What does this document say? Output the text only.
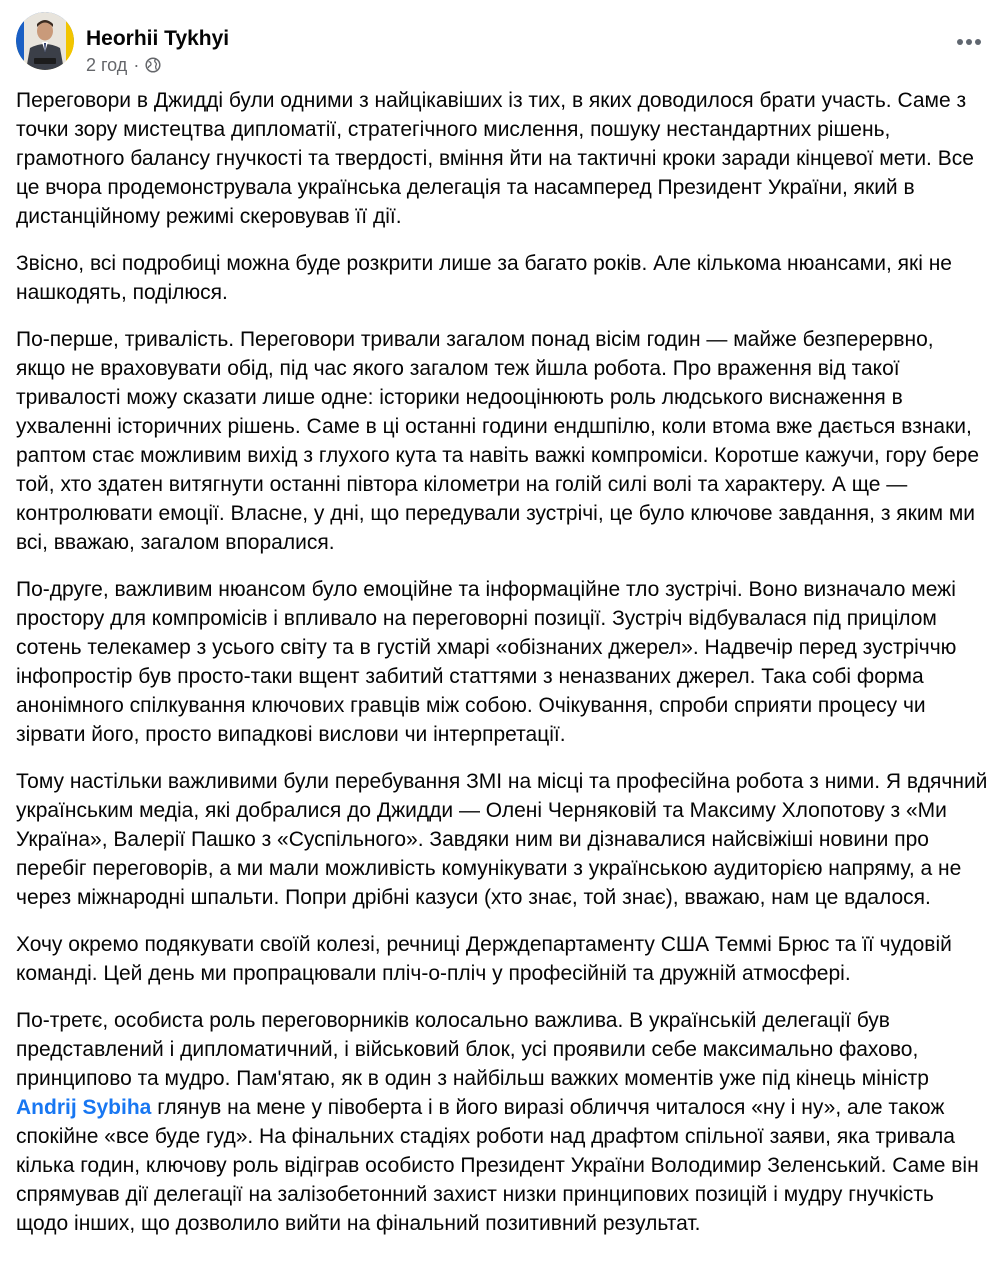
Heorhii Tykhyi
2 год ·

Переговори в Джидді були одними з найцікавіших із тих, в яких доводилося брати участь. Саме з точки зору мистецтва дипломатії, стратегічного мислення, пошуку нестандартних рішень, грамотного балансу гнучкості та твердості, вміння йти на тактичні кроки заради кінцевої мети. Все це вчора продемонструвала українська делегація та насамперед Президент України, який в дистанційному режимі скеровував її дії.

Звісно, всі подробиці можна буде розкрити лише за багато років. Але кількома нюансами, які не нашкодять, поділюся.

По-перше, тривалість. Переговори тривали загалом понад вісім годин — майже безперервно, якщо не враховувати обід, під час якого загалом теж йшла робота. Про враження від такої тривалості можу сказати лише одне: історики недооцінюють роль людського виснаження в ухваленні історичних рішень. Саме в ці останні години ендшпілю, коли втома вже дається взнаки, раптом стає можливим вихід з глухого кута та навіть важкі компроміси. Коротше кажучи, гору бере той, хто здатен витягнути останні півтора кілометри на голій силі волі та характеру. А ще — контролювати емоції. Власне, у дні, що передували зустрічі, це було ключове завдання, з яким ми всі, вважаю, загалом впоралися.

По-друге, важливим нюансом було емоційне та інформаційне тло зустрічі. Воно визначало межі простору для компромісів і впливало на переговорні позиції. Зустріч відбувалася під прицілом сотень телекамер з усього світу та в густій хмарі «обізнаних джерел». Надвечір перед зустріччю інфопростір був просто-таки вщент забитий статтями з неназваних джерел. Така собі форма анонімного спілкування ключових гравців між собою. Очікування, спроби сприяти процесу чи зірвати його, просто випадкові вислови чи інтерпретації.

Тому настільки важливими були перебування ЗМІ на місці та професійна робота з ними. Я вдячний українським медіа, які добралися до Джидди — Олені Черняковій та Максиму Хлопотову з «Ми Україна», Валерії Пашко з «Суспільного». Завдяки ним ви дізнавалися найсвіжіші новини про перебіг переговорів, а ми мали можливість комунікувати з українською аудиторією напряму, а не через міжнародні шпальти. Попри дрібні казуси (хто знає, той знає), вважаю, нам це вдалося.

Хочу окремо подякувати своїй колезі, речниці Держдепартаменту США Теммі Брюс та її чудовій команді. Цей день ми пропрацювали пліч-о-пліч у професійній та дружній атмосфері.

По-третє, особиста роль переговорників колосально важлива. В українській делегації був представлений і дипломатичний, і військовий блок, усі проявили себе максимально фахово, принципово та мудро. Пам'ятаю, як в один з найбільш важких моментів уже під кінець міністр Andrij Sybiha глянув на мене у півоберта і в його виразі обличчя читалося «ну і ну», але також спокійне «все буде гуд». На фінальних стадіях роботи над драфтом спільної заяви, яка тривала кілька годин, ключову роль відіграв особисто Президент України Володимир Зеленський. Саме він спрямував дії делегації на залізобетонний захист низки принципових позицій і мудру гнучкість щодо інших, що дозволило вийти на фінальний позитивний результат.
